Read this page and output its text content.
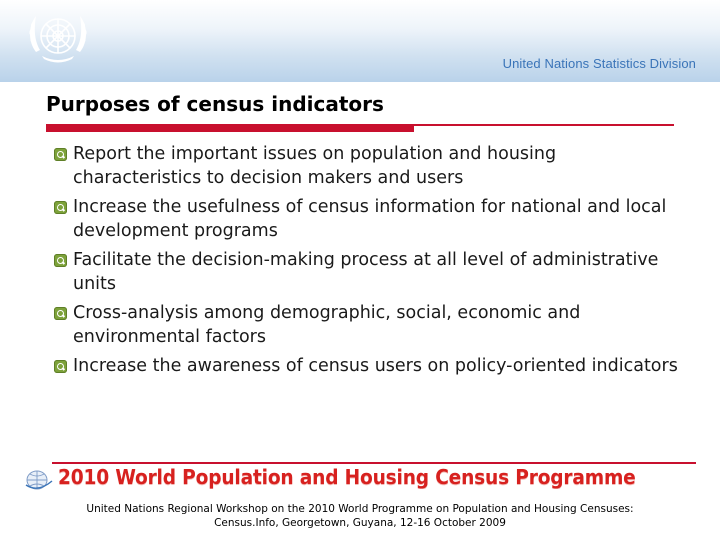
United Nations Statistics Division
Purposes of census indicators
Report the important issues on population and housing characteristics to decision makers and users
Increase the usefulness of census information for national and local development programs
Facilitate the decision-making process at all level of administrative units
Cross-analysis among demographic, social, economic and environmental factors
Increase the awareness of census users on policy-oriented indicators
2010 World Population and Housing Census Programme
United Nations Regional Workshop on the 2010 World Programme on Population and Housing Censuses:
Census.Info, Georgetown, Guyana, 12-16 October 2009
